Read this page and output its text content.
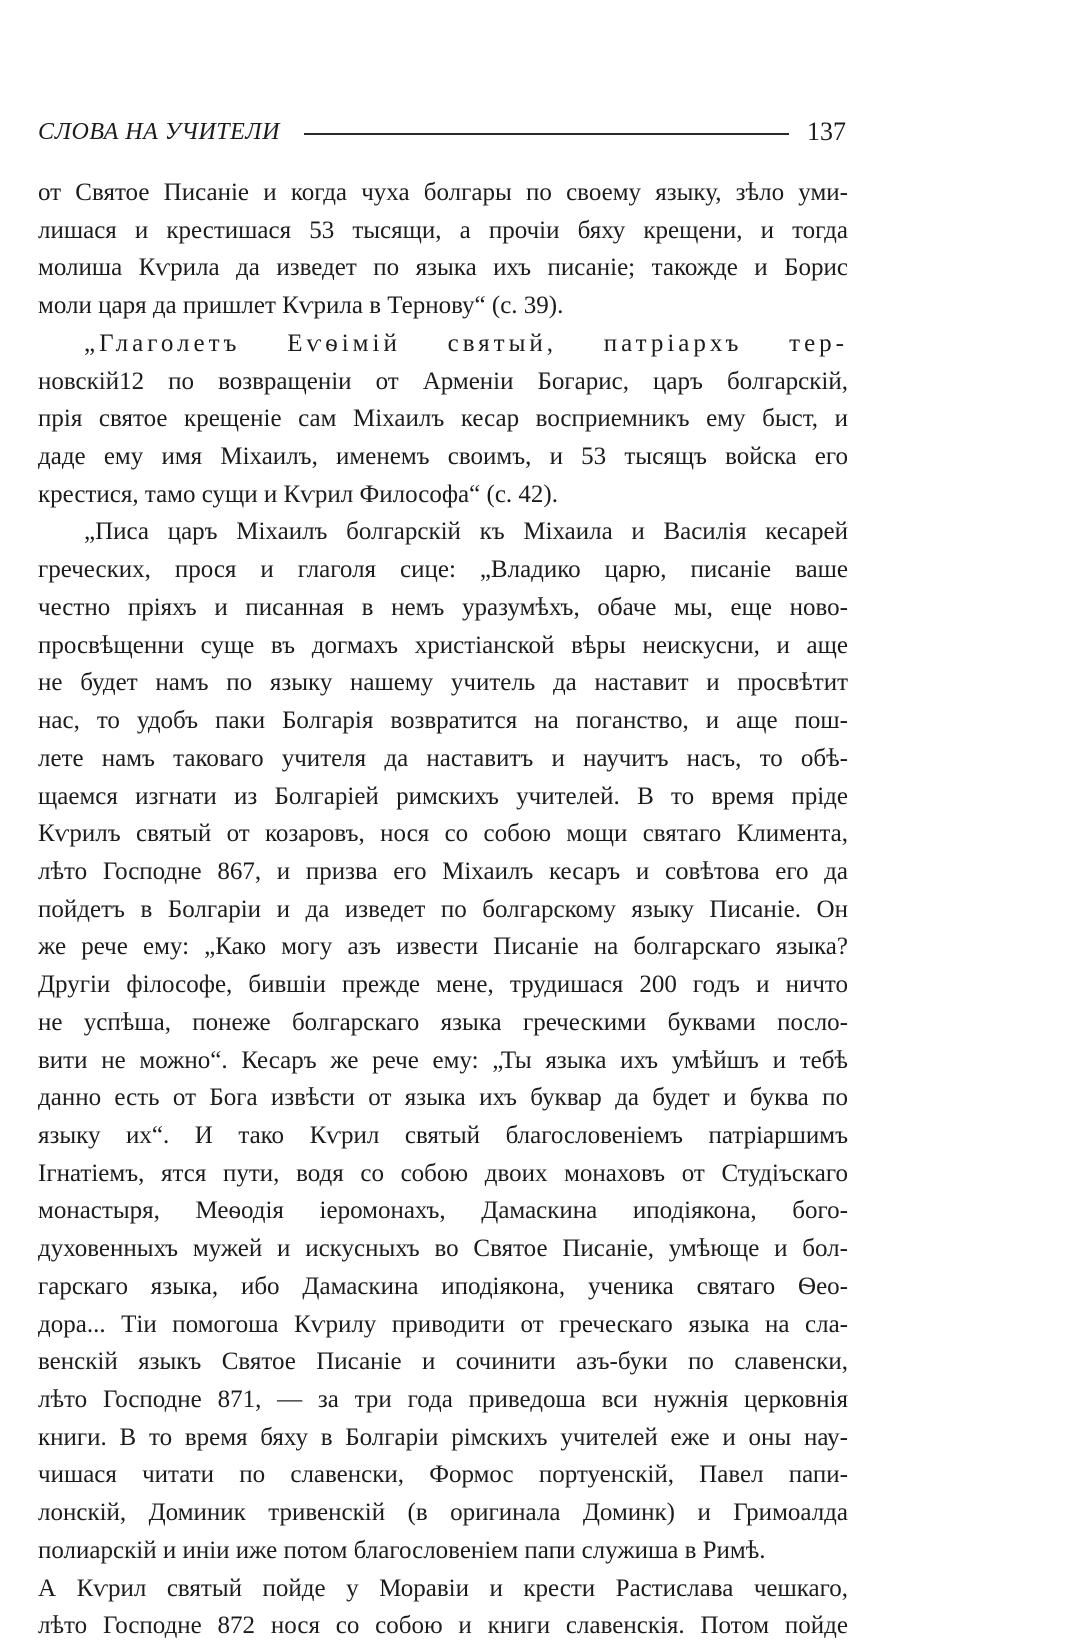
СЛОВА НА УЧИТЕЛИ	137
от Святое Писаніе и когда чуха болгары по своему языку, зѣло уми-
лишася и крестишася 53 тысящи, а прочіи бяху крещени, и тогда
молиша Кѵрила да изведет по языка ихъ писаніе; такожде и Борис
моли царя да пришлет Кѵрила в Тернову“ (с. 39).
„Глаголетъ Еѵѳімій святый, патріархъ тер-
новскій12 по возвращеніи от Арменіи Богарис, царъ болгарскій,
прія святое крещеніе сам Міхаилъ кесар восприемникъ ему быст, и
даде ему имя Міхаилъ, именемъ своимъ, и 53 тысящъ войска его
крестися, тамо сущи и Кѵрил Философа“ (с. 42).
„Писа царъ Міхаилъ болгарскій къ Міхаила и Василія кесарей
греческих, прося и глаголя сице: „Владико царю, писаніе ваше
честно пріяхъ и писанная в немъ уразумѣхъ, обаче мы, еще ново-
просвѣщенни суще въ догмахъ христіанской вѣры неискусни, и аще
не будет намъ по языку нашему учитель да наставит и просвѣтит
нас, то удобъ паки Болгарія возвратится на поганство, и аще пош-
лете намъ таковаго учителя да наставитъ и научитъ насъ, то обѣ-
щаемся изгнати из Болгаріей римскихъ учителей. В то время пріде
Кѵрилъ святый от козаровъ, нося со собою мощи святаго Климента,
лѣто Господне 867, и призва его Міхаилъ кесаръ и совѣтова его да
пойдетъ в Болгаріи и да изведет по болгарскому языку Писаніе. Он
же рече ему: „Како могу азъ извести Писаніе на болгарскаго языка?
Другіи філософе, бившіи прежде мене, трудишася 200 годъ и ничто
не успѣша, понеже болгарскаго языка греческими буквами посло-
вити не можно“. Кесаръ же рече ему: „Ты языка ихъ умѣйшъ и тебѣ
данно есть от Бога извѣсти от языка ихъ буквар да будет и буква по
языку их“. И тако Кѵрил святый благословеніемъ патріаршимъ
Ігнатіемъ, ятся пути, водя со собою двоих монаховъ от Студіъскаго
монастыря, Меѳодія іеромонахъ, Дамаскина иподіякона, бого-
духовенныхъ мужей и искусныхъ во Святое Писаніе, умѣюще и бол-
гарскаго языка, ибо Дамаскина иподіякона, ученика святаго Ѳео-
дора... Тіи помогоша Кѵрилу приводити от греческаго языка на сла-
венскій языкъ Святое Писаніе и сочинити азъ-буки по славенски,
лѣто Господне 871, — за три года приведоша вси нужнія церковнія
книги. В то время бяху в Болгаріи рімскихъ учителей еже и оны нау-
чишася читати по славенски, Формос портуенскій, Павел папи-
лонскій, Доминик тривенскій (в оригинала Доминк) и Гримоалда
полиарскій и иніи иже потом благословеніем папи служиша в Римѣ.
А Кѵрил святый пойде у Моравіи и крести Растислава чешкаго,
лѣто Господне 872 нося со собою и книги славенскія. Потом пойде
